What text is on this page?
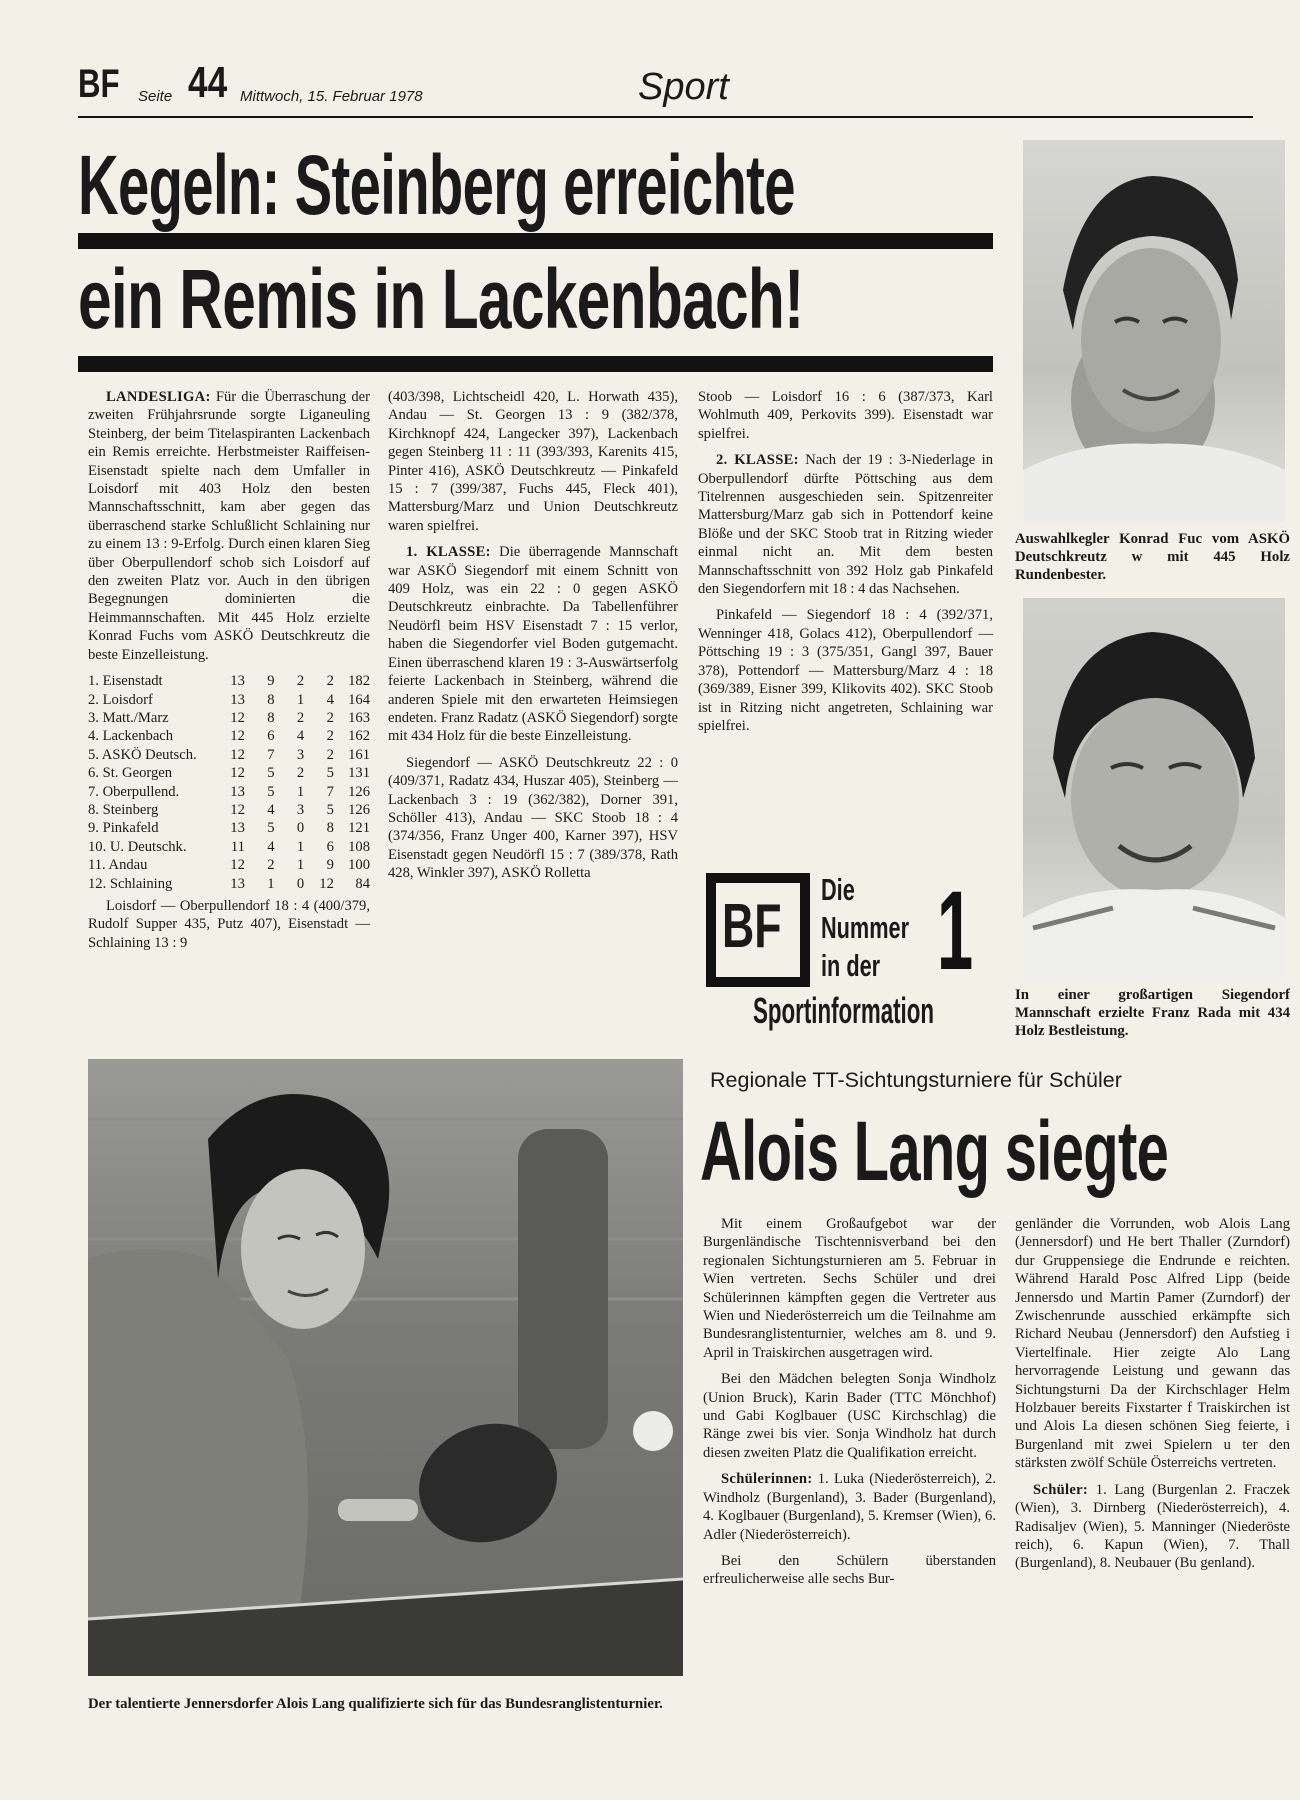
BF Seite 44 Mittwoch, 15. Februar 1978	Sport
Kegeln: Steinberg erreichte
ein Remis in Lackenbach!

LANDESLIGA: Für die Überraschung der zweiten Frühjahrsrunde sorgte Liganeuling Steinberg, der beim Titelaspiranten Lackenbach ein Remis erreichte. Herbstmeister Raiffeisen-Eisenstadt spielte nach dem Umfaller in Loisdorf mit 403 Holz den besten Mannschaftsschnitt, kam aber gegen das überraschend starke Schlußlicht Schlaining nur zu einem 13 : 9-Erfolg. Durch einen klaren Sieg über Oberpullendorf schob sich Loisdorf auf den zweiten Platz vor. Auch in den übrigen Begegnungen dominierten die Heimmannschaften. Mit 445 Holz erzielte Konrad Fuchs vom ASKÖ Deutschkreutz die beste Einzelleistung.

1. Eisenstadt	13	9	2	2	182
2. Loisdorf	13	8	1	4	164
3. Matt./Marz	12	8	2	2	163
4. Lackenbach	12	6	4	2	162
5. ASKÖ Deutsch.	12	7	3	2	161
6. St. Georgen	12	5	2	5	131
7. Oberpullend.	13	5	1	7	126
8. Steinberg	12	4	3	5	126
9. Pinkafeld	13	5	0	8	121
10. U. Deutschk.	11	4	1	6	108
11. Andau	12	2	1	9	100
12. Schlaining	13	1	0	12	84

Loisdorf — Oberpullendorf 18 : 4 (400/379, Rudolf Supper 435, Putz 407), Eisenstadt — Schlaining 13 : 9

(403/398, Lichtscheidl 420, L. Horwath 435), Andau — St. Georgen 13 : 9 (382/378, Kirchknopf 424, Langecker 397), Lackenbach gegen Steinberg 11 : 11 (393/393, Karenits 415, Pinter 416), ASKÖ Deutschkreutz — Pinkafeld 15 : 7 (399/387, Fuchs 445, Fleck 401), Mattersburg/Marz und Union Deutschkreutz waren spielfrei.

1. KLASSE: Die überragende Mannschaft war ASKÖ Siegendorf mit einem Schnitt von 409 Holz, was ein 22 : 0 gegen ASKÖ Deutschkreutz einbrachte. Da Tabellenführer Neudörfl beim HSV Eisenstadt 7 : 15 verlor, haben die Siegendorfer viel Boden gutgemacht. Einen überraschend klaren 19 : 3-Auswärtserfolg feierte Lackenbach in Steinberg, während die anderen Spiele mit den erwarteten Heimsiegen endeten. Franz Radatz (ASKÖ Siegendorf) sorgte mit 434 Holz für die beste Einzelleistung.

Siegendorf — ASKÖ Deutschkreutz 22 : 0 (409/371, Radatz 434, Huszar 405), Steinberg — Lackenbach 3 : 19 (362/382), Dorner 391, Schöller 413), Andau — SKC Stoob 18 : 4 (374/356, Franz Unger 400, Karner 397), HSV Eisenstadt gegen Neudörfl 15 : 7 (389/378, Rath 428, Winkler 397), ASKÖ Rolletta

Stoob — Loisdorf 16 : 6 (387/373, Karl Wohlmuth 409, Perkovits 399). Eisenstadt war spielfrei.

2. KLASSE: Nach der 19 : 3-Niederlage in Oberpullendorf dürfte Pöttsching aus dem Titelrennen ausgeschieden sein. Spitzenreiter Mattersburg/Marz gab sich in Pottendorf keine Blöße und der SKC Stoob trat in Ritzing wieder einmal nicht an. Mit dem besten Mannschaftsschnitt von 392 Holz gab Pinkafeld den Siegendorfern mit 18 : 4 das Nachsehen.

Pinkafeld — Siegendorf 18 : 4 (392/371, Wenninger 418, Golacs 412), Oberpullendorf — Pöttsching 19 : 3 (375/351, Gangl 397, Bauer 378), Pottendorf — Mattersburg/Marz 4 : 18 (369/389, Eisner 399, Klikovits 402). SKC Stoob ist in Ritzing nicht angetreten, Schlaining war spielfrei.

BF
Die
Nummer
in der 1
Sportinformation
Auswahlkegler Konrad Fuc vom ASKÖ Deutschkreutz w mit 445 Holz Rundenbester.
In einer großartigen Siegendorf Mannschaft erzielte Franz Rada mit 434 Holz Bestleistung.
Regionale TT-Sichtungsturniere für Schüler
Alois Lang siegte
Der talentierte Jennersdorfer Alois Lang qualifizierte sich für das Bundesranglistenturnier.

Mit einem Großaufgebot war der Burgenländische Tischtennisverband bei den regionalen Sichtungsturnieren am 5. Februar in Wien vertreten. Sechs Schüler und drei Schülerinnen kämpften gegen die Vertreter aus Wien und Niederösterreich um die Teilnahme am Bundesranglistenturnier, welches am 8. und 9. April in Traiskirchen ausgetragen wird.

Bei den Mädchen belegten Sonja Windholz (Union Bruck), Karin Bader (TTC Mönchhof) und Gabi Koglbauer (USC Kirchschlag) die Ränge zwei bis vier. Sonja Windholz hat durch diesen zweiten Platz die Qualifikation erreicht.

Schülerinnen: 1. Luka (Niederösterreich), 2. Windholz (Burgenland), 3. Bader (Burgenland), 4. Koglbauer (Burgenland), 5. Kremser (Wien), 6. Adler (Niederösterreich).

Bei den Schülern überstanden erfreulicherweise alle sechs Bur-

genländer die Vorrunden, wob Alois Lang (Jennersdorf) und He bert Thaller (Zurndorf) dur Gruppensiege die Endrunde e reichten. Während Harald Posc Alfred Lipp (beide Jennersdo und Martin Pamer (Zurndorf) der Zwischenrunde ausschied erkämpfte sich Richard Neubau (Jennersdorf) den Aufstieg i Viertelfinale. Hier zeigte Alo Lang hervorragende Leistung und gewann das Sichtungsturni Da der Kirchschlager Helm Holzbauer bereits Fixstarter f Traiskirchen ist und Alois La diesen schönen Sieg feierte, i Burgenland mit zwei Spielern u ter den stärksten zwölf Schüle Österreichs vertreten.

Schüler: 1. Lang (Burgenlan 2. Fraczek (Wien), 3. Dirnberg (Niederösterreich), 4. Radisaljev (Wien), 5. Manninger (Niederöste reich), 6. Kapun (Wien), 7. Thall (Burgenland), 8. Neubauer (Bu genland).
